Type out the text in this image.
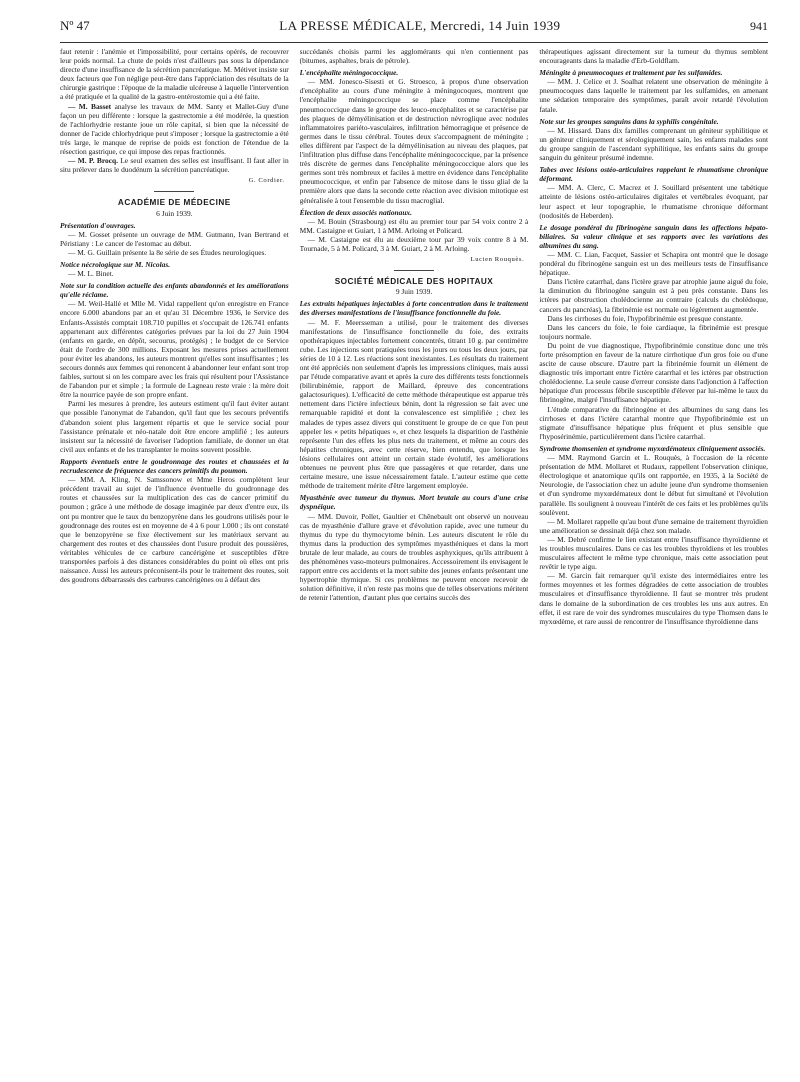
Nº 47	LA PRESSE MÉDICALE, Mercredi, 14 Juin 1939	941

faut retenir : l'anémie et l'impossibilité, pour certains opérés, de recouvrer leur poids normal. La chute de poids n'est d'ailleurs pas sous la dépendance directe d'une insuffisance de la sécrétion pancréatique. M. Métivet insiste sur deux facteurs que l'on néglige peut-être dans l'appréciation des résultats de la chirurgie gastrique : l'époque de la maladie ulcéreuse à laquelle l'intervention a été pratiquée et la qualité de la gastro-entérostomie qui a été faite.

— M. Basset analyse les travaux de MM. Santy et Mallet-Guy d'une façon un peu différente : lorsque la gastrectomie a été modérée, la question de l'achlorhydrie restante joue un rôle capital, si bien que la nécessité de donner de l'acide chlorhydrique peut s'imposer ; lorsque la gastrectomie a été très large, le manque de reprise de poids est fonction de l'étendue de la résection gastrique, ce qui impose des repas fractionnés.

— M. P. Brocq. Le seul examen des selles est insuffisant. Il faut aller in situ prélever dans le duodénum la sécrétion pancréatique.

G. Cordier.
ACADÉMIE DE MÉDECINE
6 Juin 1939.

Présentation d'ouvrages.

— M. Gosset présente un ouvrage de MM. Gutmann, Ivan Bertrand et Péristiany : Le cancer de l'estomac au début.

— M. G. Guillain présente la 8e série de ses Études neurologiques.

Notice nécrologique sur M. Nicolas.

— M. L. Binet.

Note sur la condition actuelle des enfants abandonnés et les améliorations qu'elle réclame.

— M. Weil-Hallé et Mlle M. Vidal rappellent qu'on enregistre en France encore 6.000 abandons par an et qu'au 31 Décembre 1936, le Service des Enfants-Assistés comptait 108.710 pupilles et s'occupait de 126.741 enfants appartenant aux différentes catégories prévues par la loi du 27 Juin 1904 (enfants en garde, en dépôt, secourus, protégés) ; le budget de ce Service était de l'ordre de 300 millions. Exposant les mesures prises actuellement pour éviter les abandons, les auteurs montrent qu'elles sont insuffisantes ; les secours donnés aux femmes qui renoncent à abandonner leur enfant sont trop faibles, surtout si on les compare avec les frais qui résultent pour l'Assistance de l'abandon pur et simple ; la formule de Lagneau reste vraie : la mère doit être la nourrice payée de son propre enfant.

Parmi les mesures à prendre, les auteurs estiment qu'il faut éviter autant que possible l'anonymat de l'abandon, qu'il faut que les secours préventifs d'abandon soient plus largement répartis et que le service social pour l'assistance prénatale et néo-natale doit être encore amplifié ; les auteurs insistent sur la nécessité de favoriser l'adoption familiale, de donner un état civil aux enfants et de les transplanter le moins souvent possible.

Rapports éventuels entre le goudronnage des routes et chaussées et la recrudescence de fréquence des cancers primitifs du poumon.

— MM. A. Kling, N. Samssonow et Mme Heros complètent leur précédent travail au sujet de l'influence éventuelle du goudronnage des routes et chaussées sur la multiplication des cas de cancer primitif du poumon ; grâce à une méthode de dosage imaginée par deux d'entre eux, ils ont pu montrer que le taux du benzopyrène dans les goudrons utilisés pour le goudronnage des routes est en moyenne de 4 à 6 pour 1.000 ; ils ont constaté que le benzopyrène se fixe électivement sur les matériaux servant au chargement des routes et des chaussées dont l'usure produit des poussières, véritables véhicules de ce carbure cancérigène et susceptibles d'être transportées parfois à des distances considérables du point où elles ont pris naissance. Aussi les auteurs préconisent-ils pour le traitement des routes, soit des goudrons débarrassés des carbures cancérigènes ou à défaut des

succédanés choisis parmi les agglomérants qui n'en contiennent pas (bitumes, asphaltes, brais de pétrole).

L'encéphalite méningococcique.

— MM. Jonesco-Sisesti et G. Stroesco, à propos d'une observation d'encéphalite au cours d'une méningite à méningocoques, montrent que l'encéphalite méningococcique se place comme l'encéphalite pneumococcique dans le groupe des leuco-encéphalites et se caractérise par des plaques de démyélinisation et de destruction névroglique avec nodules inflammatoires pariéto-vasculaires, infiltration hémorragique et présence de germes dans le tissu cérébral. Toutes deux s'accompagnent de méningite ; elles diffèrent par l'aspect de la démyélinisation au niveau des plaques, par l'infiltration plus diffuse dans l'encéphalite méningococcique, par la présence très discrète de germes dans l'encéphalite méningococcique alors que les germes sont très nombreux et faciles à mettre en évidence dans l'encéphalite pneumococcique, et enfin par l'absence de mitose dans le tissu glial de la première alors que dans la seconde cette réaction avec division mitotique est généralisée à tout l'ensemble du tissu macroglial.

Élection de deux associés nationaux.

— M. Bouin (Strasbourg) est élu au premier tour par 54 voix contre 2 à MM. Castaigne et Guiart, 1 à MM. Arloing et Policard.

— M. Castaigne est élu au deuxième tour par 39 voix contre 8 à M. Tournade, 5 à M. Policard, 3 à M. Guiart, 2 à M. Arloing.

Lucien Rouquès.
SOCIÉTÉ MÉDICALE DES HOPITAUX
9 Juin 1939.

Les extraits hépatiques injectables à forte concentration dans le traitement des diverses manifestations de l'insuffisance fonctionnelle du foie.

— M. F. Meersseman a utilisé, pour le traitement des diverses manifestations de l'insuffisance fonctionnelle du foie, des extraits opothérapiques injectables fortement concentrés, titrant 10 g. par centimètre cube. Les injections sont pratiquées tous les jours ou tous les deux jours, par séries de 10 à 12. Les réactions sont inexistantes. Les résultats du traitement ont été appréciés non seulement d'après les impressions cliniques, mais aussi par l'étude comparative avant et après la cure des différents tests fonctionnels (bilirubinémie, rapport de Maillard, épreuve des concentrations galactosuriques). L'efficacité de cette méthode thérapeutique est apparue très nettement dans l'ictère infectieux bénin, dont la régression se fait avec une remarquable rapidité et dont la convalescence est simplifiée ; chez les malades de types assez divers qui constituent le groupe de ce que l'on peut appeler les « petits hépatiques », et chez lesquels la disparition de l'asthénie représente l'un des effets les plus nets du traitement, et même au cours des hépatites chroniques, avec cette réserve, bien entendu, que lorsque les lésions cellulaires ont atteint un certain stade évolutif, les améliorations obtenues ne peuvent plus être que passagères et que retarder, dans une certaine mesure, une issue nécessairement fatale. L'auteur estime que cette méthode de traitement mérite d'être largement employée.

Myasthénie avec tumeur du thymus. Mort brutale au cours d'une crise dyspnéique.

— MM. Duvoir, Pollet, Gaultier et Chênebault ont observé un nouveau cas de myasthénie d'allure grave et d'évolution rapide, avec une tumeur du thymus du type du thymocytome bénin. Les auteurs discutent le rôle du thymus dans la production des symptômes myasthéniques et dans la mort brutale de leur malade, au cours de troubles asphyxiques, qu'ils attribuent à des phénomènes vaso-moteurs pulmonaires. Accessoirement ils envisagent le rapport entre ces accidents et la mort subite des jeunes enfants présentant une hypertrophie thymique. Si ces problèmes ne peuvent encore recevoir de solution définitive, il n'en reste pas moins que de telles observations méritent de retenir l'attention, d'autant plus que certains succès des

thérapeutiques agissant directement sur la tumeur du thymus semblent encourageants dans la maladie d'Erb-Goldflam.

Méningite à pneumocoques et traitement par les sulfamides.

— MM. J. Celice et J. Soalhat relatent une observation de méningite à pneumocoques dans laquelle le traitement par les sulfamides, en amenant une sédation temporaire des symptômes, paraît avoir retardé l'évolution fatale.

Note sur les groupes sanguins dans la syphilis congénitale.

— M. Hissard. Dans dix familles comprenant un géniteur syphilitique et un géniteur cliniquement et sérologiquement sain, les enfants malades sont du groupe sanguin de l'ascendant syphilitique, les enfants sains du groupe sanguin du géniteur présumé indemne.

Tabes avec lésions ostéo-articulaires rappelant le rhumatisme chronique déformant.

— MM. A. Clerc, C. Macrez et J. Souillard présentent une tabétique atteinte de lésions ostéo-articulaires digitales et vertébrales évoquant, par leur aspect et leur topographie, le rhumatisme chronique déformant (nodosités de Heberden).

Le dosage pondéral du fibrinogène sanguin dans les affections hépato-biliaires. Sa valeur clinique et ses rapports avec les variations des albumines du sang.

— MM. C. Lian, Facquet, Sassier et Schapira ont montré que le dosage pondéral du fibrinogène sanguin est un des meilleurs tests de l'insuffisance hépatique.

Dans l'ictère catarrhal, dans l'ictère grave par atrophie jaune aiguë du foie, la diminution du fibrinogène sanguin est à peu près constante. Dans les ictères par obstruction cholédocienne au contraire (calculs du cholédoque, cancers du pancréas), la fibrinémie est normale ou légèrement augmentée.

Dans les cirrhoses du foie, l'hypofibrinémie est presque constante.

Dans les cancers du foie, le foie cardiaque, la fibrinémie est presque toujours normale.

Du point de vue diagnostique, l'hypofibrinémie constitue donc une très forte présomption en faveur de la nature cirrhotique d'un gros foie ou d'une ascite de cause obscure. D'autre part la fibrinémie fournit un élément de diagnostic très important entre l'ictère catarrhal et les ictères par obstruction cholédocienne. La seule cause d'erreur consiste dans l'adjonction à l'affection hépatique d'un processus fébrile susceptible d'élever par lui-même le taux du fibrinogène, malgré l'insuffisance hépatique.

L'étude comparative du fibrinogène et des albumines du sang dans les cirrhoses et dans l'ictère catarrhal montre que l'hypofibrinémie est un stigmate d'insuffisance hépatique plus fréquent et plus sensible que l'hyposérinémie, particulièrement dans l'ictère catarrhal.

Syndrome thomsenien et syndrome myxœdémateux cliniquement associés.

— MM. Raymond Garcin et L. Rouquès, à l'occasion de la récente présentation de MM. Mollaret et Rudaux, rappellent l'observation clinique, électrologique et anatomique qu'ils ont rapportée, en 1935, à la Société de Neurologie, de l'association chez un adulte jeune d'un syndrome thomsenien et d'un syndrome myxœdémateux dont le début fut simultané et l'évolution parallèle. Ils soulignent à nouveau l'intérêt de ces faits et les problèmes qu'ils soulèvent.

— M. Mollaret rappelle qu'au bout d'une semaine de traitement thyroïdien une amélioration se dessinait déjà chez son malade.

— M. Debré confirme le lien existant entre l'insuffisance thyroïdienne et les troubles musculaires. Dans ce cas les troubles thyroïdiens et les troubles musculaires affectent le même type chronique, mais cette association peut revêtir le type aigu.

— M. Garcin fait remarquer qu'il existe des intermédiaires entre les formes moyennes et les formes dégradées de cette association de troubles musculaires et d'insuffisance thyroïdienne. Il faut se montrer très prudent dans le domaine de la subordination de ces troubles les uns aux autres. En effet, il est rare de voir des syndromes musculaires du type Thomsen dans le myxœdème, et rare aussi de rencontrer de l'insuffisance thyroïdienne dans
